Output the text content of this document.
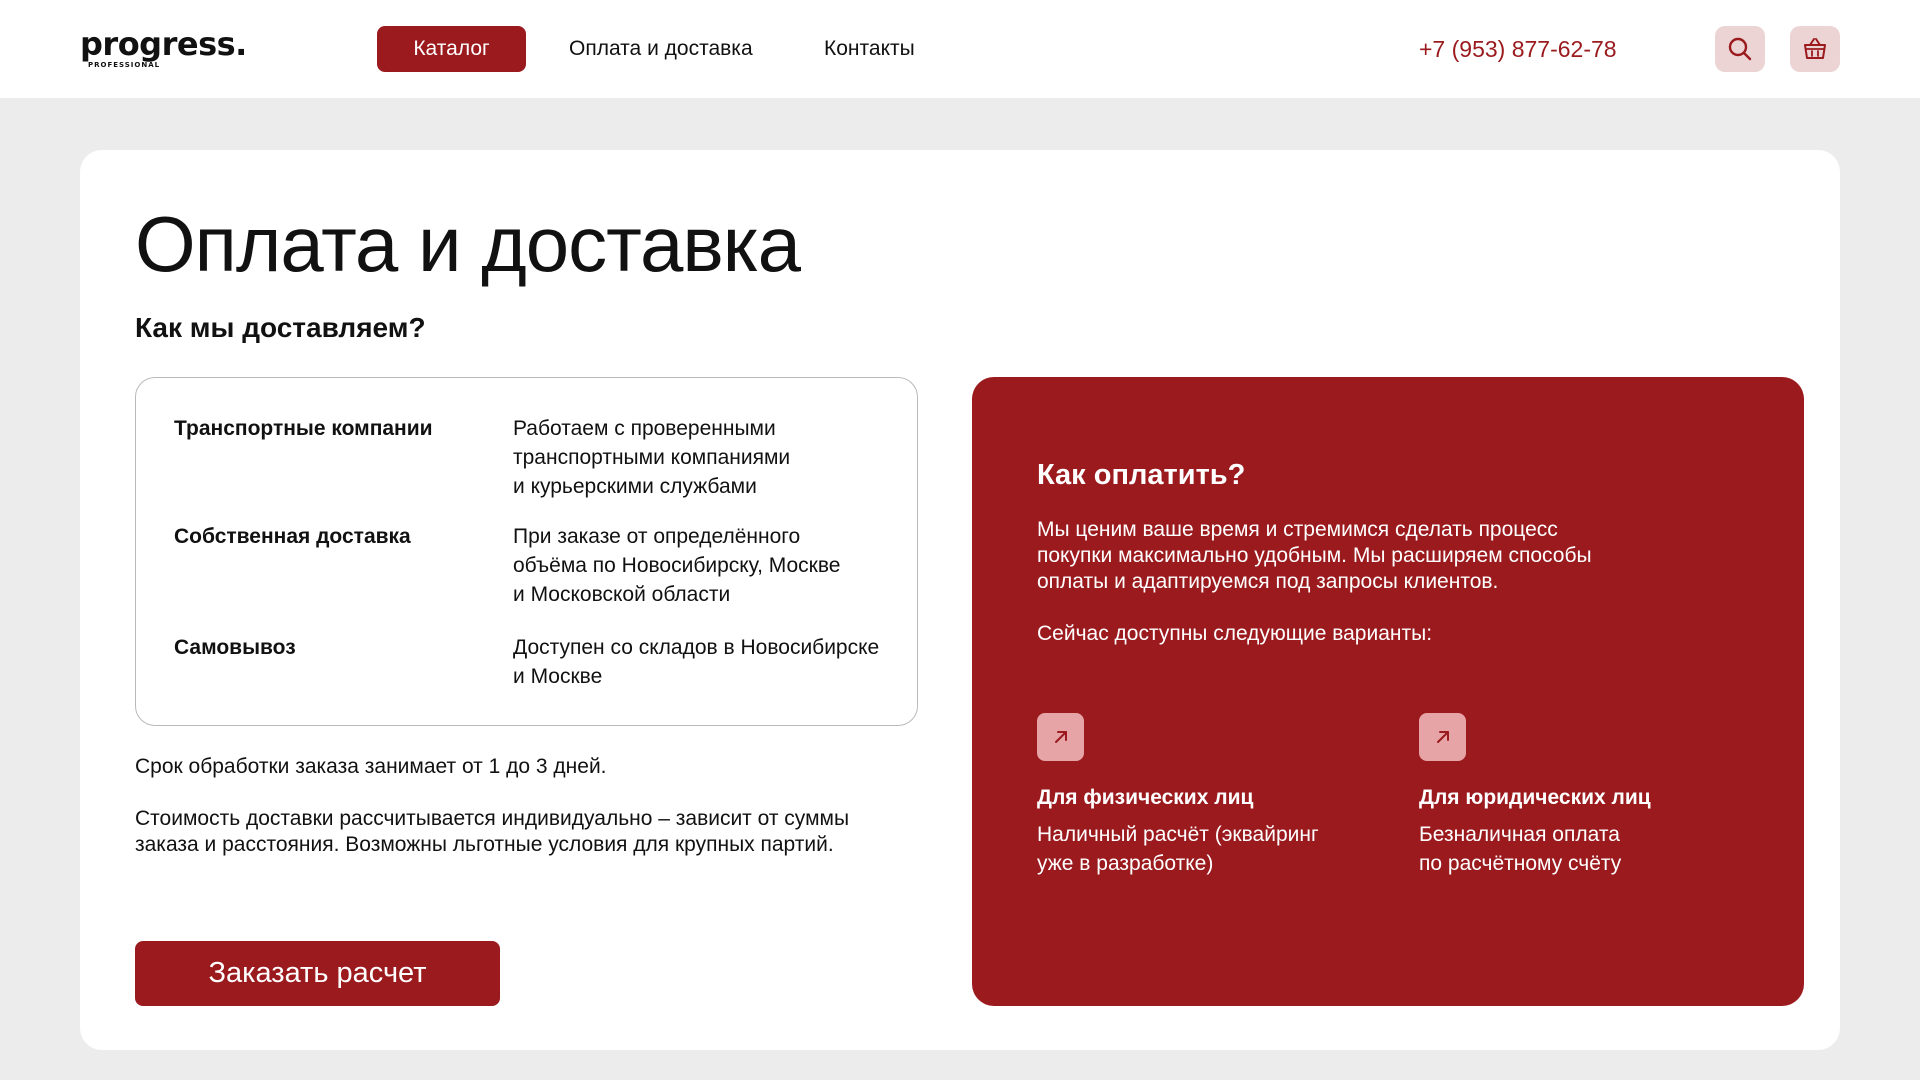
progress.
PROFESSIONAL
Каталог	Оплата и доставка	Контакты	+7 (953) 877-62-78
Оплата и доставка
Как мы доставляем?
Транспортные компании	Работаем с проверенными
транспортными компаниями
и курьерскими службами
Собственная доставка	При заказе от определённого
объёма по Новосибирску, Москве
и Московской области
Самовывоз	Доступен со складов в Новосибирске
и Москве

Срок обработки заказа занимает от 1 до 3 дней.

Стоимость доставки рассчитывается индивидуально – зависит от суммы
заказа и расстояния. Возможны льготные условия для крупных партий.

Заказать расчет
Как оплатить?

Мы ценим ваше время и стремимся сделать процесс
покупки максимально удобным. Мы расширяем способы
оплаты и адаптируемся под запросы клиентов.

Сейчас доступны следующие варианты:

Для физических лиц
Наличный расчёт (эквайринг
уже в разработке)
Для юридических лиц
Безналичная оплата
по расчётному счёту
